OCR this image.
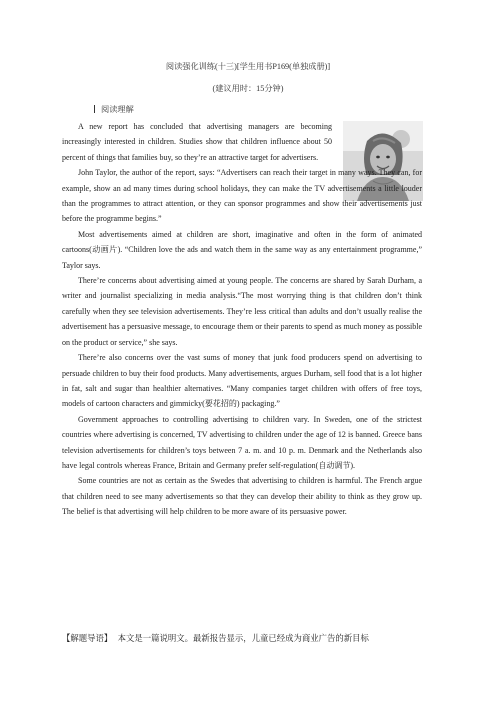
阅读强化训练(十三)[学生用书P169(单独成册)]
(建议用时：15分钟)
阅读理解

A new report has concluded that advertising managers are becoming increasingly interested in children. Studies show that children influence about 50 percent of things that families buy, so they’re an attractive target for advertisers.

John Taylor, the author of the report, says: “Advertisers can reach their target in many ways. They can, for example, show an ad many times during school holidays, they can make the TV advertisements a little louder than the programmes to attract attention, or they can sponsor programmes and show their advertisements just before the programme begins.”

Most advertisements aimed at children are short, imaginative and often in the form of animated cartoons(动画片). “Children love the ads and watch them in the same way as any entertainment programme,” Taylor says.

There’re concerns about advertising aimed at young people. The concerns are shared by Sarah Durham, a writer and journalist specializing in media analysis.“The most worrying thing is that children don’t think carefully when they see television advertisements. They’re less critical than adults and don’t usually realise the advertisement has a persuasive message, to encourage them or their parents to spend as much money as possible on the product or service,” she says.

There’re also concerns over the vast sums of money that junk food producers spend on advertising to persuade children to buy their food products. Many advertisements, argues Durham, sell food that is a lot higher in fat, salt and sugar than healthier alternatives. “Many companies target children with offers of free toys, models of cartoon characters and gimmicky(要花招的) packaging.”

Government approaches to controlling advertising to children vary. In Sweden, one of the strictest countries where advertising is concerned, TV advertising to children under the age of 12 is banned. Greece bans television advertisements for children’s toys between 7 a. m. and 10 p. m. Denmark and the Netherlands also have legal controls whereas France, Britain and Germany prefer self-regulation(自动调节).

Some countries are not as certain as the Swedes that advertising to children is harmful. The French argue that children need to see many advertisements so that they can develop their ability to think as they grow up. The belief is that advertising will help children to be more aware of its persuasive power.

【解题导语】 本文是一篇说明文。最新报告显示，儿童已经成为商业广告的新目标
